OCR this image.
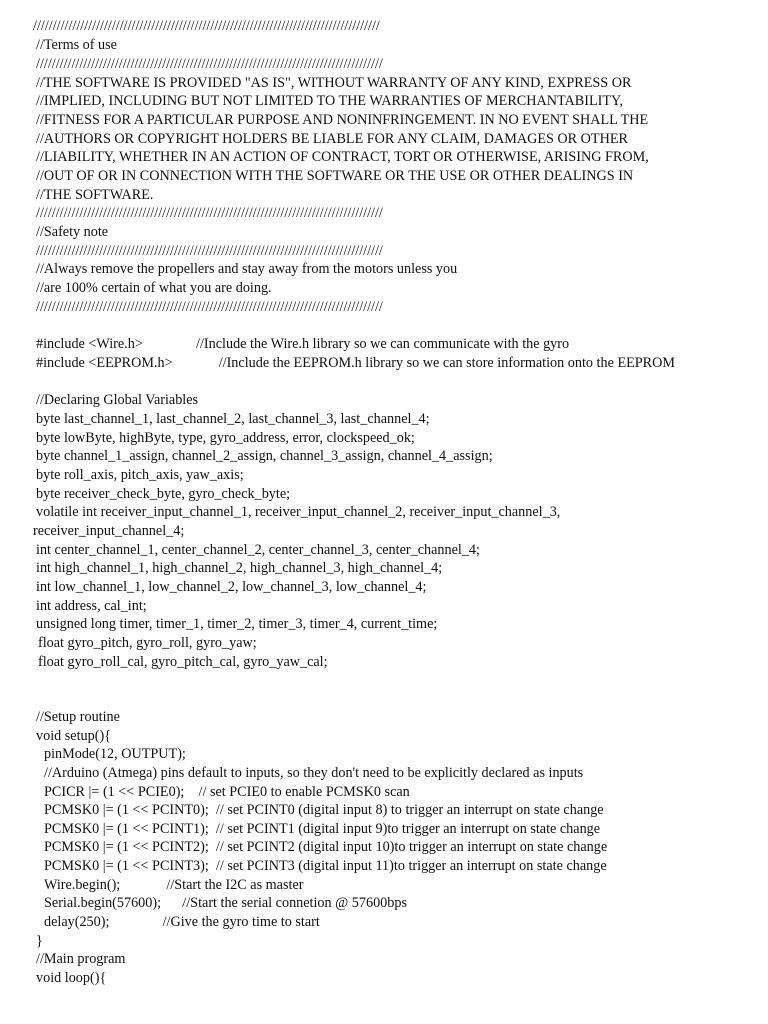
////////////////////////////////////////////////////////////////////////////////////////
//Terms of use
////////////////////////////////////////////////////////////////////////////////////////
//THE SOFTWARE IS PROVIDED "AS IS", WITHOUT WARRANTY OF ANY KIND, EXPRESS OR
//IMPLIED, INCLUDING BUT NOT LIMITED TO THE WARRANTIES OF MERCHANTABILITY,
//FITNESS FOR A PARTICULAR PURPOSE AND NONINFRINGEMENT. IN NO EVENT SHALL THE
//AUTHORS OR COPYRIGHT HOLDERS BE LIABLE FOR ANY CLAIM, DAMAGES OR OTHER
//LIABILITY, WHETHER IN AN ACTION OF CONTRACT, TORT OR OTHERWISE, ARISING FROM,
//OUT OF OR IN CONNECTION WITH THE SOFTWARE OR THE USE OR OTHER DEALINGS IN
//THE SOFTWARE.
////////////////////////////////////////////////////////////////////////////////////////
//Safety note
////////////////////////////////////////////////////////////////////////////////////////
//Always remove the propellers and stay away from the motors unless you
//are 100% certain of what you are doing.
////////////////////////////////////////////////////////////////////////////////////////
#include <Wire.h>               //Include the Wire.h library so we can communicate with the gyro
#include <EEPROM.h>             //Include the EEPROM.h library so we can store information onto the EEPROM
//Declaring Global Variables
byte last_channel_1, last_channel_2, last_channel_3, last_channel_4;
byte lowByte, highByte, type, gyro_address, error, clockspeed_ok;
byte channel_1_assign, channel_2_assign, channel_3_assign, channel_4_assign;
byte roll_axis, pitch_axis, yaw_axis;
byte receiver_check_byte, gyro_check_byte;
volatile int receiver_input_channel_1, receiver_input_channel_2, receiver_input_channel_3,
receiver_input_channel_4;
int center_channel_1, center_channel_2, center_channel_3, center_channel_4;
int high_channel_1, high_channel_2, high_channel_3, high_channel_4;
int low_channel_1, low_channel_2, low_channel_3, low_channel_4;
int address, cal_int;
unsigned long timer, timer_1, timer_2, timer_3, timer_4, current_time;
float gyro_pitch, gyro_roll, gyro_yaw;
float gyro_roll_cal, gyro_pitch_cal, gyro_yaw_cal;
//Setup routine
void setup(){
pinMode(12, OUTPUT);
//Arduino (Atmega) pins default to inputs, so they don't need to be explicitly declared as inputs
PCICR |= (1 << PCIE0);    // set PCIE0 to enable PCMSK0 scan
PCMSK0 |= (1 << PCINT0);  // set PCINT0 (digital input 8) to trigger an interrupt on state change
PCMSK0 |= (1 << PCINT1);  // set PCINT1 (digital input 9)to trigger an interrupt on state change
PCMSK0 |= (1 << PCINT2);  // set PCINT2 (digital input 10)to trigger an interrupt on state change
PCMSK0 |= (1 << PCINT3);  // set PCINT3 (digital input 11)to trigger an interrupt on state change
Wire.begin();             //Start the I2C as master
Serial.begin(57600);      //Start the serial connetion @ 57600bps
delay(250);               //Give the gyro time to start
}
//Main program
void loop(){
